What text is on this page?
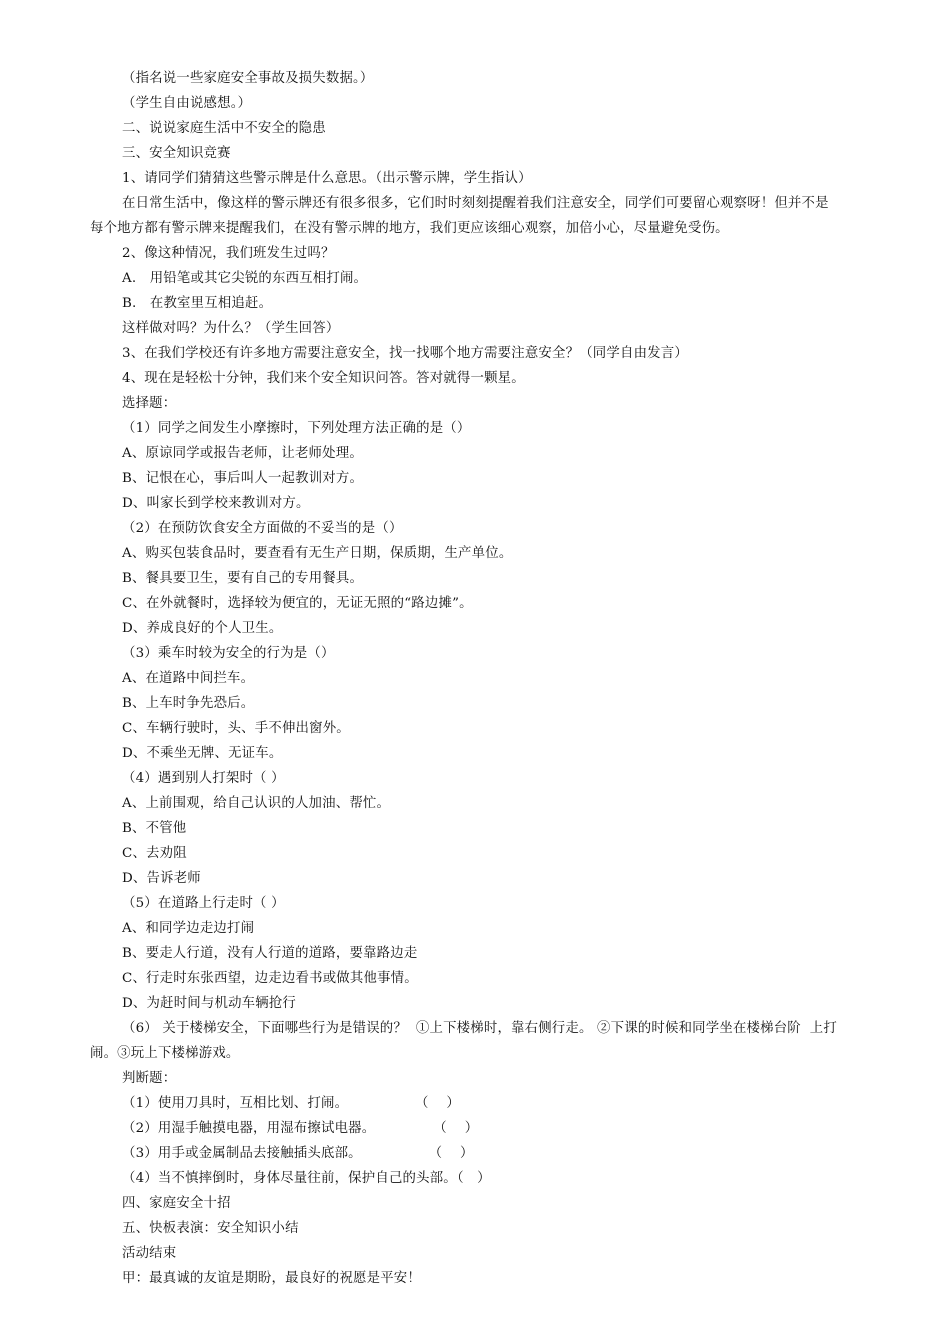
（指名说一些家庭安全事故及损失数据。）
（学生自由说感想。）
二、说说家庭生活中不安全的隐患
三、安全知识竞赛
1、请同学们猜猜这些警示牌是什么意思。（出示警示牌，学生指认）
在日常生活中，像这样的警示牌还有很多很多，它们时时刻刻提醒着我们注意安全，同学们可要留心观察呀！但并不是
每个地方都有警示牌来提醒我们，在没有警示牌的地方，我们更应该细心观察，加倍小心，尽量避免受伤。
2、像这种情况，我们班发生过吗？
A.   用铅笔或其它尖锐的东西互相打闹。
B.   在教室里互相追赶。
这样做对吗？为什么？（学生回答）
3、在我们学校还有许多地方需要注意安全，找一找哪个地方需要注意安全？（同学自由发言）
4、现在是轻松十分钟，我们来个安全知识问答。答对就得一颗星。
选择题：
（1）同学之间发生小摩擦时，下列处理方法正确的是（）
A、原谅同学或报告老师，让老师处理。
B、记恨在心，事后叫人一起教训对方。
D、叫家长到学校来教训对方。
（2）在预防饮食安全方面做的不妥当的是（）
A、购买包装食品时，要查看有无生产日期，保质期，生产单位。
B、餐具要卫生，要有自己的专用餐具。
C、在外就餐时，选择较为便宜的，无证无照的“路边摊”。
D、养成良好的个人卫生。
（3）乘车时较为安全的行为是（）
A、在道路中间拦车。
B、上车时争先恐后。
C、车辆行驶时，头、手不伸出窗外。
D、不乘坐无牌、无证车。
（4）遇到别人打架时（ ）
A、上前围观，给自己认识的人加油、帮忙。
B、不管他
C、去劝阻
D、告诉老师
（5）在道路上行走时（ ）
A、和同学边走边打闹
B、要走人行道，没有人行道的道路，要靠路边走
C、行走时东张西望，边走边看书或做其他事情。
D、为赶时间与机动车辆抢行
（6） 关于楼梯安全，下面哪些行为是错误的？  ①上下楼梯时，靠右侧行走。 ②下课的时候和同学坐在楼梯台阶  上打
闹。③玩上下楼梯游戏。
判断题：
（1）使用刀具时，互相比划、打闹。               （    ）
（2）用湿手触摸电器，用湿布擦试电器。             （    ）
（3）用手或金属制品去接触插头底部。               （    ）
（4）当不慎摔倒时，身体尽量往前，保护自己的头部。（   ）
四、家庭安全十招
五、快板表演：安全知识小结
活动结束
甲：最真诚的友谊是期盼，最良好的祝愿是平安！
